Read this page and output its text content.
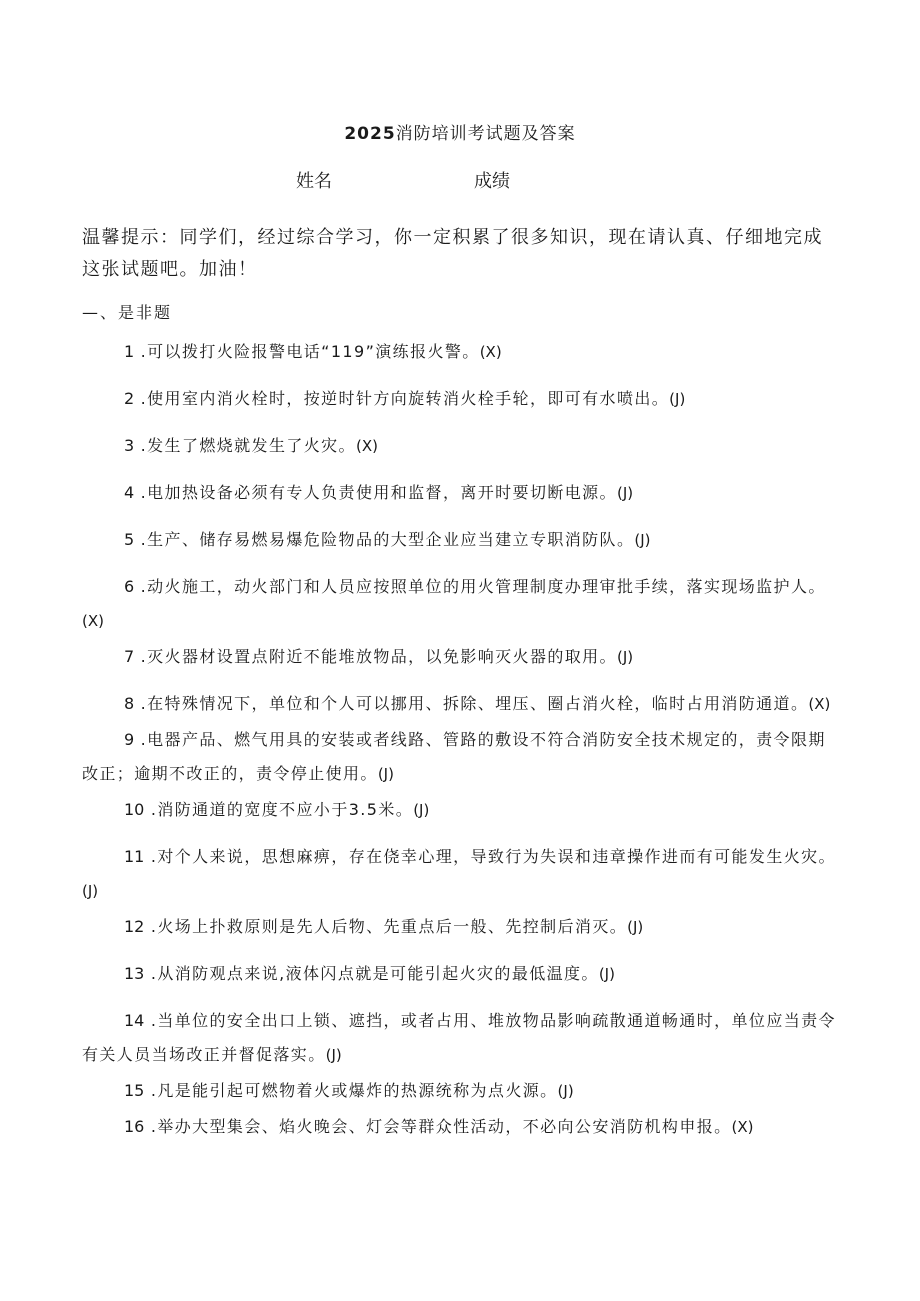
2025消防培训考试题及答案
姓名	成绩
温馨提示：同学们，经过综合学习，你一定积累了很多知识，现在请认真、仔细地完成这张试题吧。加油！
—、是非题

1 .可以拨打火险报警电话“119”演练报火警。(X)

2 .使用室内消火栓时，按逆时针方向旋转消火栓手轮，即可有水喷出。(J)

3 .发生了燃烧就发生了火灾。(X)

4 .电加热设备必须有专人负责使用和监督，离开时要切断电源。(J)

5 .生产、储存易燃易爆危险物品的大型企业应当建立专职消防队。(J)

6 .动火施工，动火部门和人员应按照单位的用火管理制度办理审批手续，落实现场监护人。(X)

7 .灭火器材设置点附近不能堆放物品，以免影响灭火器的取用。(J)

8 .在特殊情况下，单位和个人可以挪用、拆除、埋压、圈占消火栓，临时占用消防通道。(X)

9 .电器产品、燃气用具的安装或者线路、管路的敷设不符合消防安全技术规定的，责令限期改正；逾期不改正的，责令停止使用。(J)

10 .消防通道的宽度不应小于3.5米。(J)

11 .对个人来说，思想麻痹，存在侥幸心理，导致行为失误和违章操作进而有可能发生火灾。(J)

12 .火场上扑救原则是先人后物、先重点后一般、先控制后消灭。(J)

13 .从消防观点来说,液体闪点就是可能引起火灾的最低温度。(J)

14 .当单位的安全出口上锁、遮挡，或者占用、堆放物品影响疏散通道畅通时，单位应当责令有关人员当场改正并督促落实。(J)

15 .凡是能引起可燃物着火或爆炸的热源统称为点火源。(J)

16 .举办大型集会、焰火晚会、灯会等群众性活动，不必向公安消防机构申报。(X)
